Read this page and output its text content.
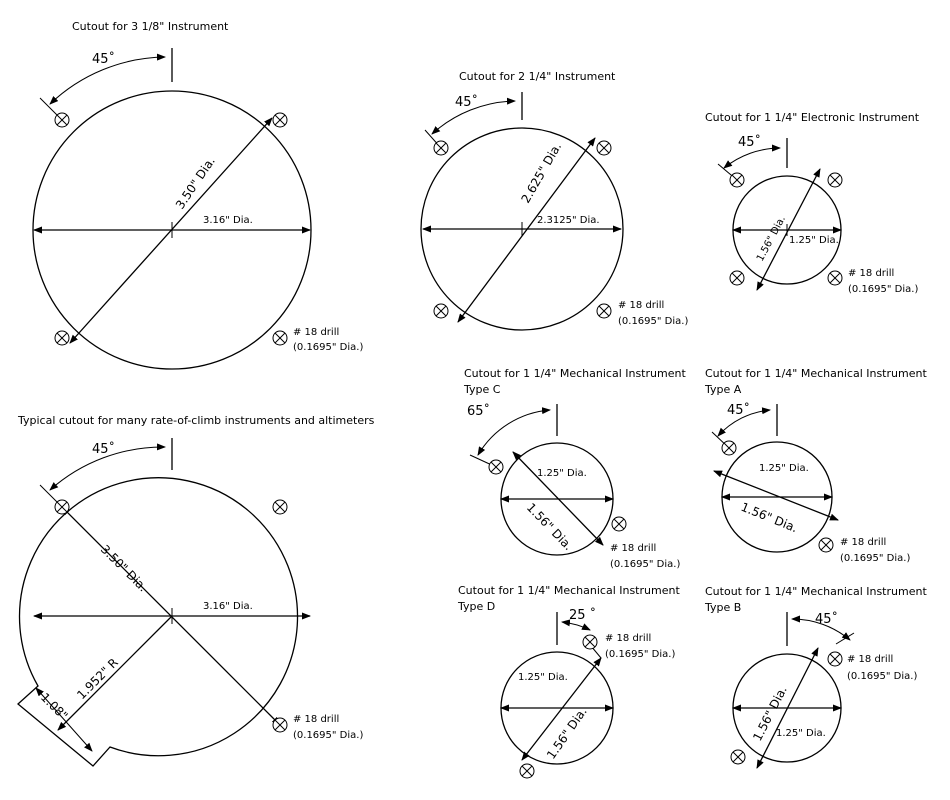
Cutout for 3 1/8" Instrument
45˚
3.16" Dia.
3.50" Dia.
# 18 drill
(0.1695" Dia.)
Cutout for 2 1/4" Instrument
45˚
2.3125" Dia.
2.625" Dia.
# 18 drill
(0.1695" Dia.)
Cutout for 1 1/4" Electronic Instrument
45˚
1.25" Dia.
1.56" Dia.
# 18 drill
(0.1695" Dia.)
Typical cutout for many rate-of-climb instruments and altimeters
45˚
3.16" Dia.
3.50" Dia.
1.952" R
1.08"	# 18 drill
(0.1695" Dia.)
Cutout for 1 1/4" Mechanical Instrument
Type C
65˚
1.25" Dia.
1.56" Dia.	# 18 drill
(0.1695" Dia.)
Cutout for 1 1/4" Mechanical Instrument
Type A
45˚
1.25" Dia.
1.56" Dia.
# 18 drill
(0.1695" Dia.)
Cutout for 1 1/4" Mechanical Instrument
Type D
25 ˚
1.25" Dia.
1.56" Dia.
# 18 drill
(0.1695" Dia.)
Cutout for 1 1/4" Mechanical Instrument
Type B
45˚
1.25" Dia.
1.56" Dia.
# 18 drill
(0.1695" Dia.)
